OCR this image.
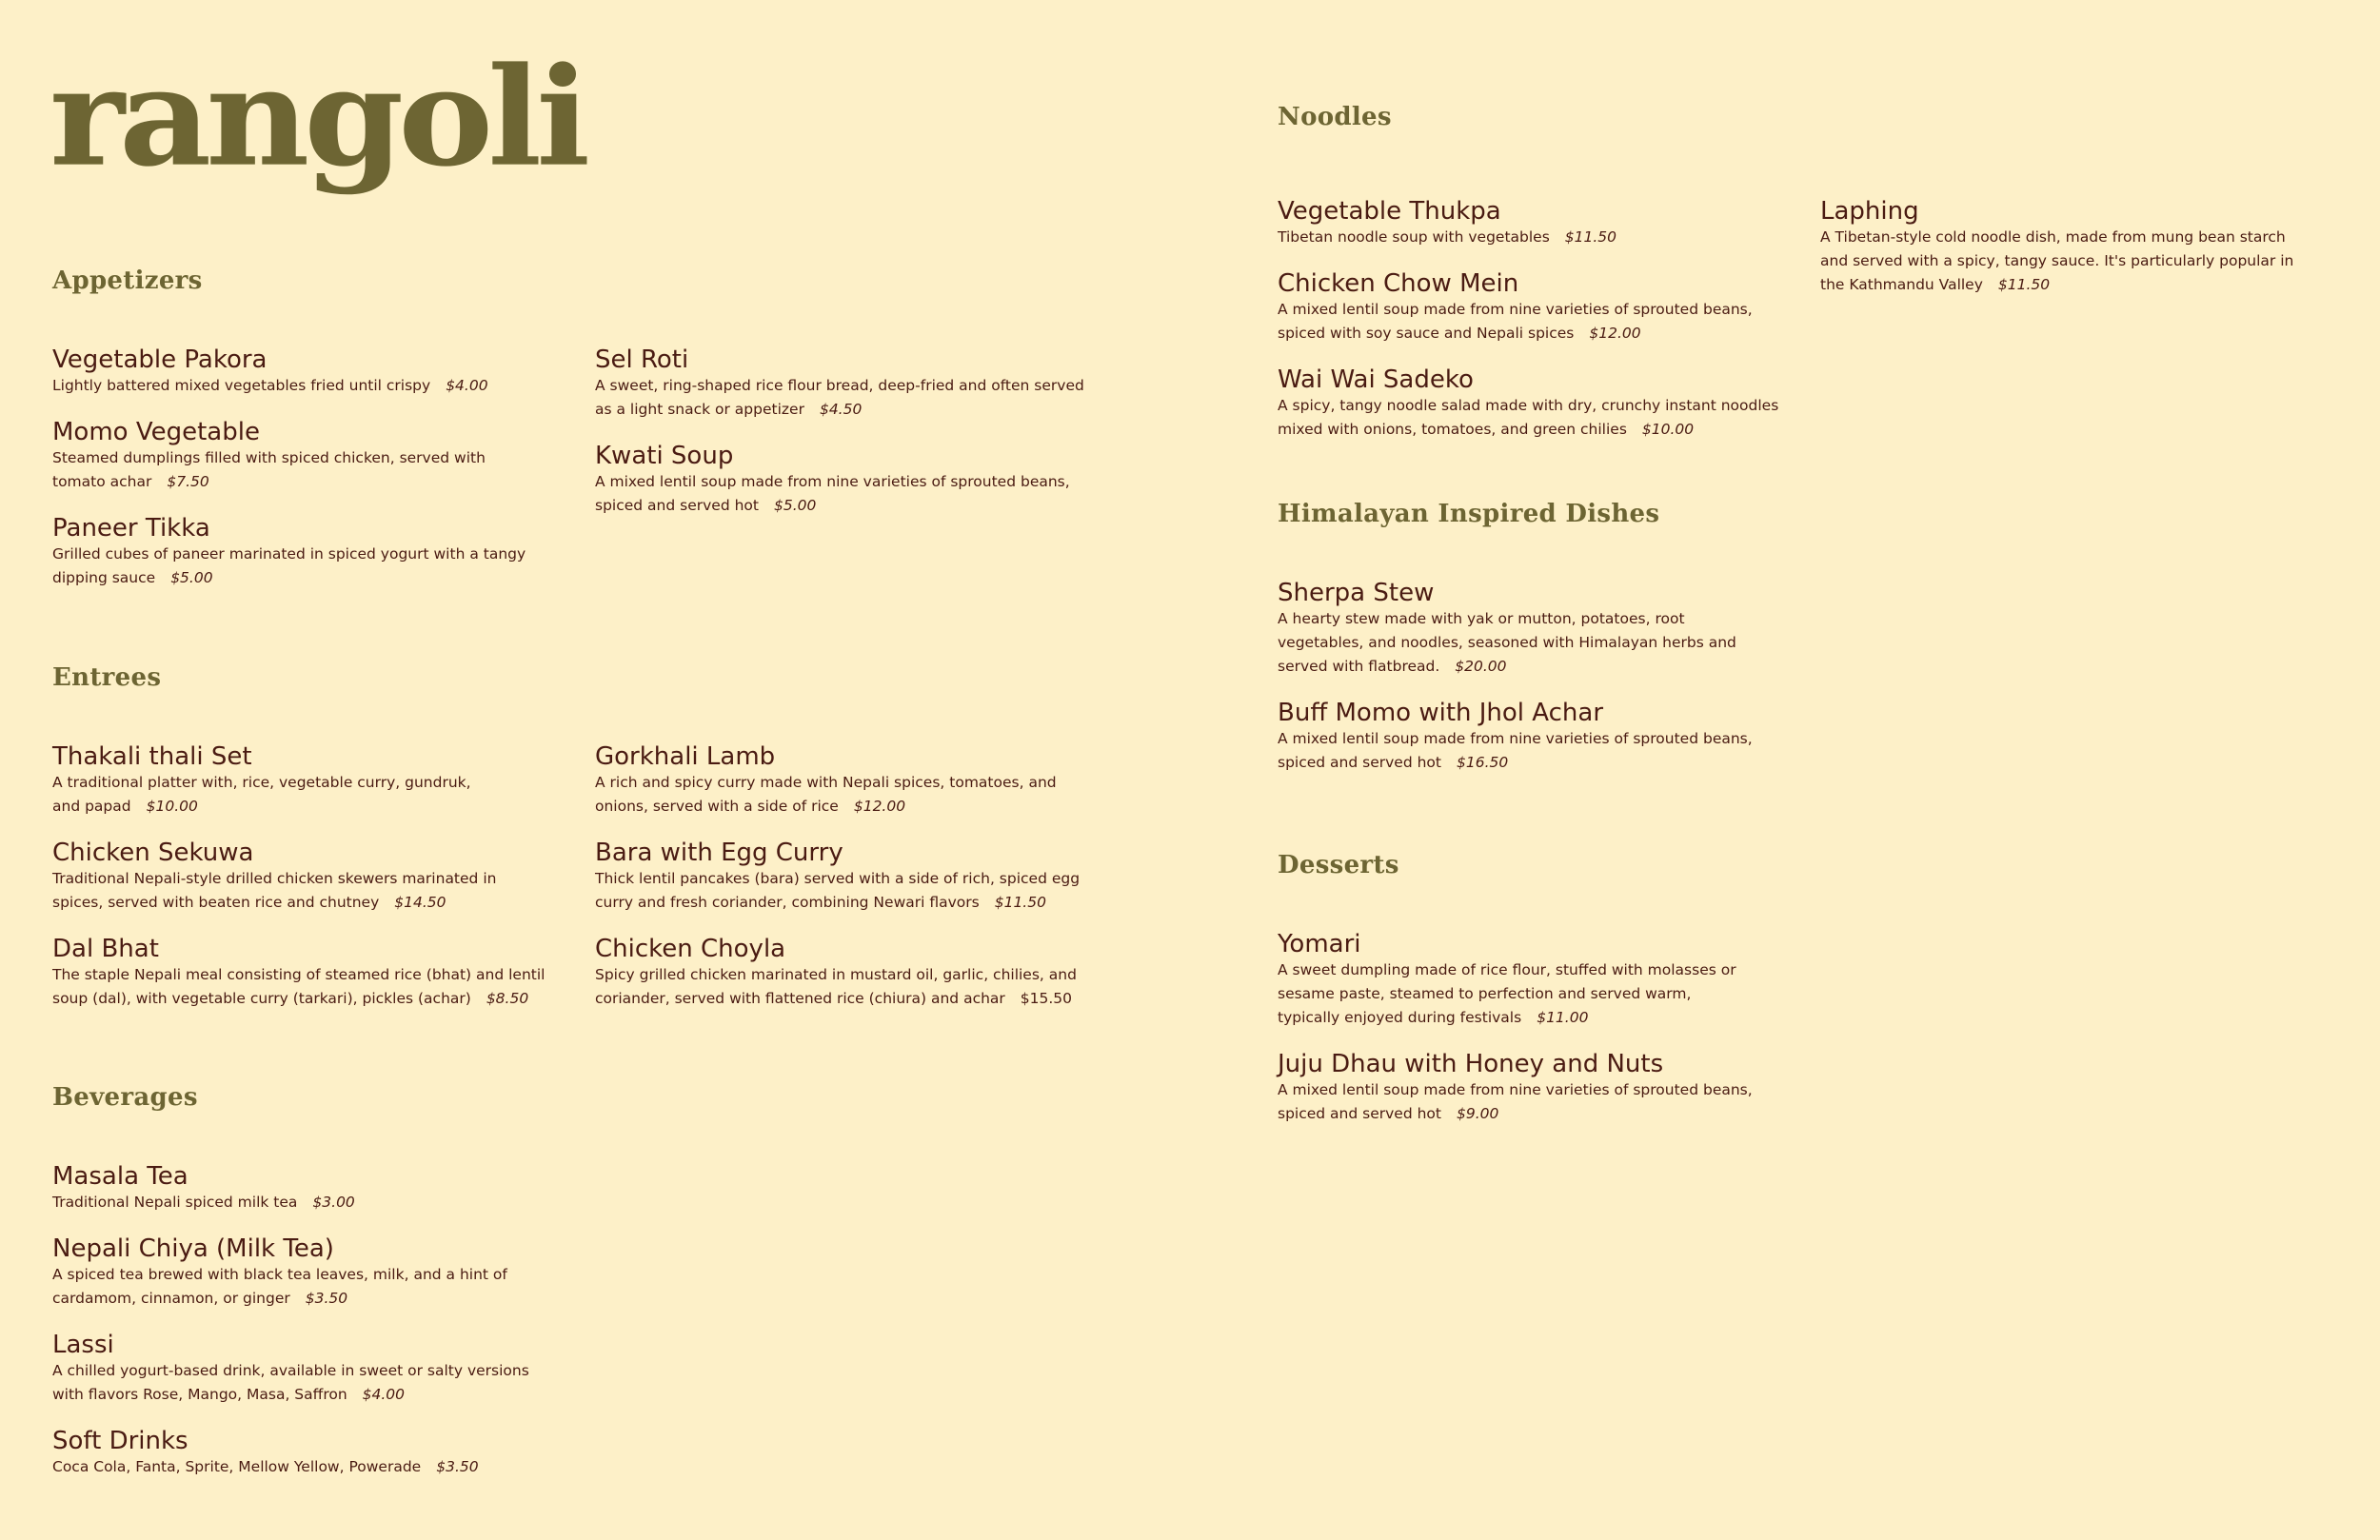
rangoli
Appetizers
Vegetable Pakora
Lightly battered mixed vegetables fried until crispy $4.00
Momo Vegetable
Steamed dumplings filled with spiced chicken, served with tomato achar $7.50
Paneer Tikka
Grilled cubes of paneer marinated in spiced yogurt with a tangy dipping sauce $5.00
Sel Roti
A sweet, ring-shaped rice flour bread, deep-fried and often served as a light snack or appetizer $4.50
Kwati Soup
A mixed lentil soup made from nine varieties of sprouted beans, spiced and served hot $5.00
Entrees
Thakali thali Set
A traditional platter with, rice, vegetable curry, gundruk, and papad $10.00
Chicken Sekuwa
Traditional Nepali-style drilled chicken skewers marinated in spices, served with beaten rice and chutney $14.50
Dal Bhat
The staple Nepali meal consisting of steamed rice (bhat) and lentil soup (dal), with vegetable curry (tarkari), pickles (achar) $8.50
Gorkhali Lamb
A rich and spicy curry made with Nepali spices, tomatoes, and onions, served with a side of rice $12.00
Bara with Egg Curry
Thick lentil pancakes (bara) served with a side of rich, spiced egg curry and fresh coriander, combining Newari flavors $11.50
Chicken Choyla
Spicy grilled chicken marinated in mustard oil, garlic, chilies, and coriander, served with flattened rice (chiura) and achar $15.50
Beverages
Masala Tea
Traditional Nepali spiced milk tea $3.00
Nepali Chiya (Milk Tea)
A spiced tea brewed with black tea leaves, milk, and a hint of cardamom, cinnamon, or ginger $3.50
Lassi
A chilled yogurt-based drink, available in sweet or salty versions with flavors Rose, Mango, Masa, Saffron $4.00
Soft Drinks
Coca Cola, Fanta, Sprite, Mellow Yellow, Powerade $3.50
Noodles
Vegetable Thukpa
Tibetan noodle soup with vegetables $11.50
Chicken Chow Mein
A mixed lentil soup made from nine varieties of sprouted beans, spiced with soy sauce and Nepali spices $12.00
Wai Wai Sadeko
A spicy, tangy noodle salad made with dry, crunchy instant noodles mixed with onions, tomatoes, and green chilies $10.00
Laphing
A Tibetan-style cold noodle dish, made from mung bean starch and served with a spicy, tangy sauce. It's particularly popular in the Kathmandu Valley $11.50
Himalayan Inspired Dishes
Sherpa Stew
A hearty stew made with yak or mutton, potatoes, root vegetables, and noodles, seasoned with Himalayan herbs and served with flatbread. $20.00
Buff Momo with Jhol Achar
A mixed lentil soup made from nine varieties of sprouted beans, spiced and served hot $16.50
Desserts
Yomari
A sweet dumpling made of rice flour, stuffed with molasses or sesame paste, steamed to perfection and served warm, typically enjoyed during festivals $11.00
Juju Dhau with Honey and Nuts
A mixed lentil soup made from nine varieties of sprouted beans, spiced and served hot $9.00
